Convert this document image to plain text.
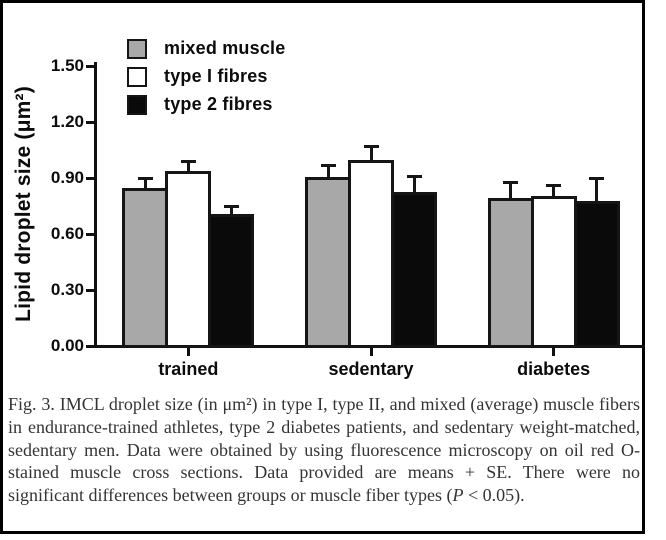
Lipid droplet size (μm²)
0.00
0.30
0.60
0.90
1.20
1.50
trained	sedentary	diabetes
mixed muscle
type I fibres
type 2 fibres
Fig. 3. IMCL droplet size (in μm²) in type I, type II, and mixed (average) muscle fibers in endurance-trained athletes, type 2 diabetes patients, and sedentary weight-matched, sedentary men. Data were obtained by using fluorescence microscopy on oil red O-stained muscle cross sections. Data provided are means + SE. There were no significant differences between groups or muscle fiber types (P < 0.05).
